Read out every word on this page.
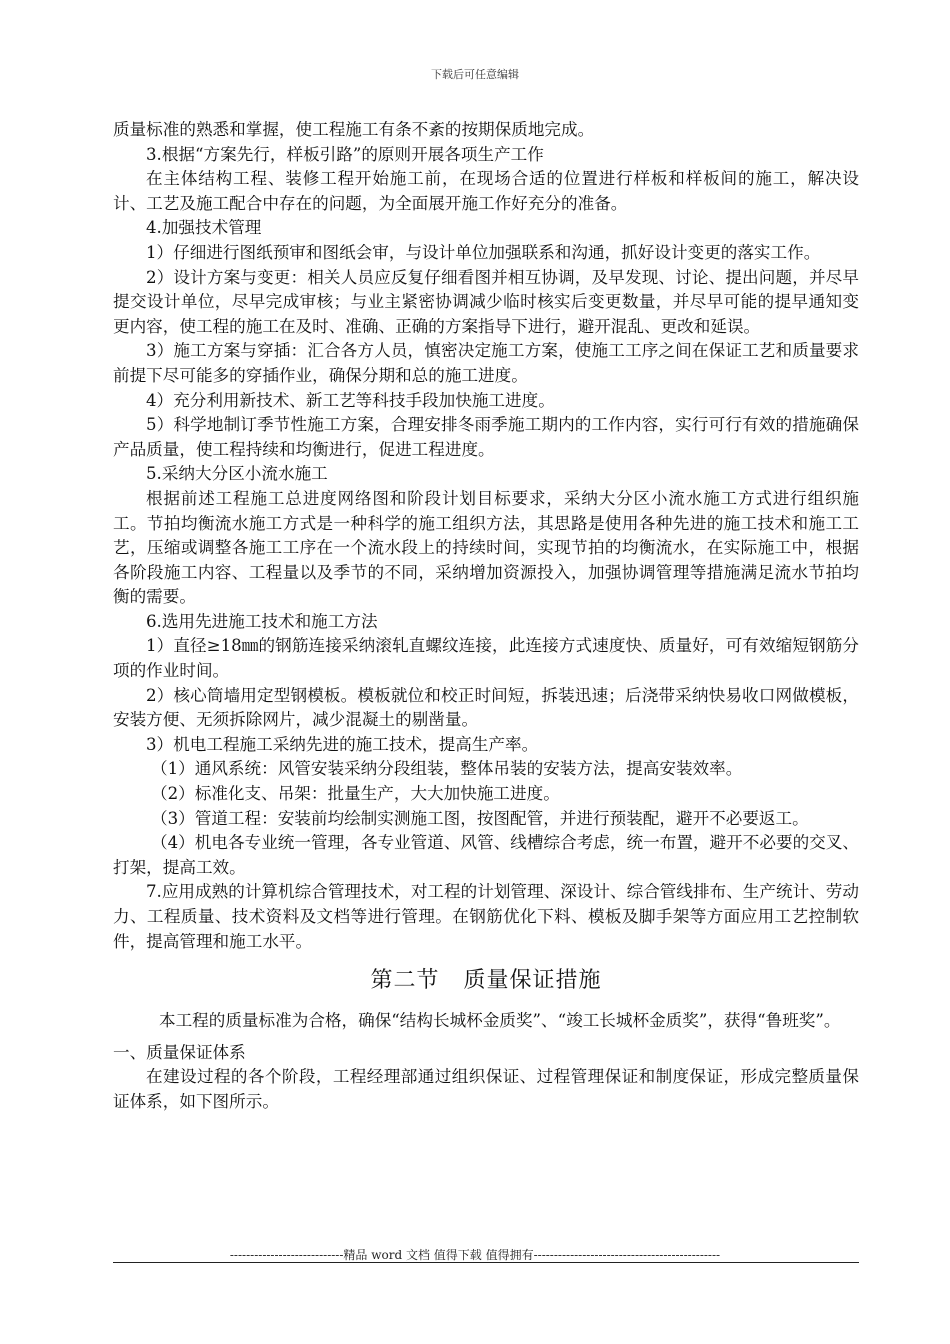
下载后可任意编辑

质量标准的熟悉和掌握，使工程施工有条不紊的按期保质地完成。

3.根据“方案先行，样板引路”的原则开展各项生产工作

在主体结构工程、装修工程开始施工前，在现场合适的位置进行样板和样板间的施工，解决设计、工艺及施工配合中存在的问题，为全面展开施工作好充分的准备。

4.加强技术管理

1）仔细进行图纸预审和图纸会审，与设计单位加强联系和沟通，抓好设计变更的落实工作。

2）设计方案与变更：相关人员应反复仔细看图并相互协调，及早发现、讨论、提出问题，并尽早提交设计单位，尽早完成审核；与业主紧密协调减少临时核实后变更数量，并尽早可能的提早通知变更内容，使工程的施工在及时、准确、正确的方案指导下进行，避开混乱、更改和延误。

3）施工方案与穿插：汇合各方人员，慎密决定施工方案，使施工工序之间在保证工艺和质量要求前提下尽可能多的穿插作业，确保分期和总的施工进度。

4）充分利用新技术、新工艺等科技手段加快施工进度。

5）科学地制订季节性施工方案，合理安排冬雨季施工期内的工作内容，实行可行有效的措施确保产品质量，使工程持续和均衡进行，促进工程进度。

5.采纳大分区小流水施工

根据前述工程施工总进度网络图和阶段计划目标要求，采纳大分区小流水施工方式进行组织施工。节拍均衡流水施工方式是一种科学的施工组织方法，其思路是使用各种先进的施工技术和施工工艺，压缩或调整各施工工序在一个流水段上的持续时间，实现节拍的均衡流水，在实际施工中，根据各阶段施工内容、工程量以及季节的不同，采纳增加资源投入，加强协调管理等措施满足流水节拍均衡的需要。

6.选用先进施工技术和施工方法

1）直径≥18㎜的钢筋连接采纳滚轧直螺纹连接，此连接方式速度快、质量好，可有效缩短钢筋分项的作业时间。

2）核心筒墙用定型钢模板。模板就位和校正时间短，拆装迅速；后浇带采纳快易收口网做模板，安装方便、无须拆除网片，减少混凝土的剔凿量。

3）机电工程施工采纳先进的施工技术，提高生产率。

（1）通风系统：风管安装采纳分段组装，整体吊装的安装方法，提高安装效率。

（2）标准化支、吊架：批量生产，大大加快施工进度。

（3）管道工程：安装前均绘制实测施工图，按图配管，并进行预装配，避开不必要返工。

（4）机电各专业统一管理，各专业管道、风管、线槽综合考虑，统一布置，避开不必要的交叉、打架，提高工效。

7.应用成熟的计算机综合管理技术，对工程的计划管理、深设计、综合管线排布、生产统计、劳动力、工程质量、技术资料及文档等进行管理。在钢筋优化下料、模板及脚手架等方面应用工艺控制软件，提高管理和施工水平。

第二节 质量保证措施

本工程的质量标准为合格，确保“结构长城杯金质奖”、“竣工长城杯金质奖”，获得“鲁班奖”。

一、质量保证体系

在建设过程的各个阶段，工程经理部通过组织保证、过程管理保证和制度保证，形成完整质量保证体系，如下图所示。

----------------------------精品 word 文档 值得下载 值得拥有----------------------------------------------
